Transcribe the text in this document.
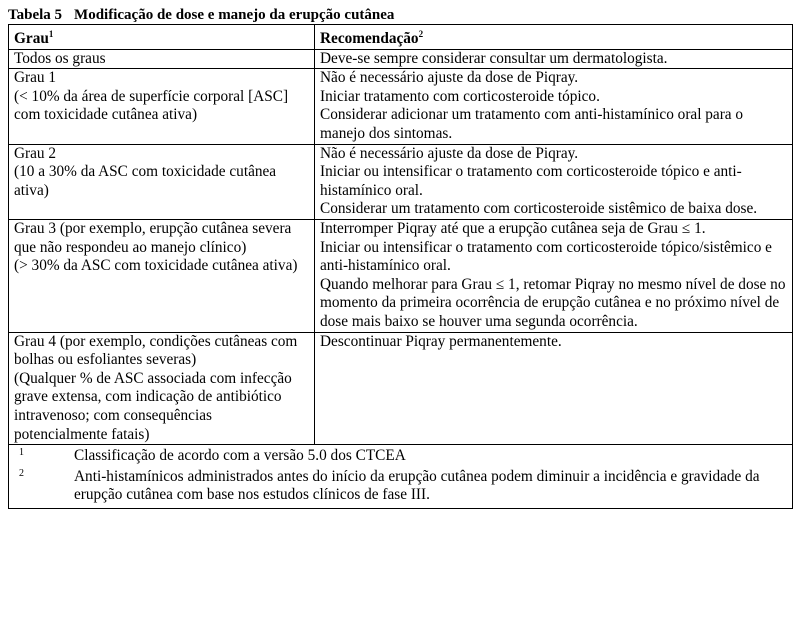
Tabela 5 Modificação de dose e manejo da erupção cutânea
Grau$^1$	Recomendação$^2$

Todos os graus	Deve-se sempre considerar consultar um dermatologista.

Grau 1
(< 10% da área de superfície corporal [ASC] com toxicidade cutânea ativa)	Não é necessário ajuste da dose de Piqray.
Iniciar tratamento com corticosteroide tópico.
Considerar adicionar um tratamento com anti-histamínico oral para o manejo dos sintomas.

Grau 2
(10 a 30% da ASC com toxicidade cutânea ativa)	Não é necessário ajuste da dose de Piqray.
Iniciar ou intensificar o tratamento com corticosteroide tópico e anti-histamínico oral.
Considerar um tratamento com corticosteroide sistêmico de baixa dose.

Grau 3 (por exemplo, erupção cutânea severa que não respondeu ao manejo clínico)
(> 30% da ASC com toxicidade cutânea ativa)	Interromper Piqray até que a erupção cutânea seja de Grau ≤ 1.
Iniciar ou intensificar o tratamento com corticosteroide tópico/sistêmico e anti-histamínico oral.
Quando melhorar para Grau ≤ 1, retomar Piqray no mesmo nível de dose no momento da primeira ocorrência de erupção cutânea e no próximo nível de dose mais baixo se houver uma segunda ocorrência.

Grau 4 (por exemplo, condições cutâneas com bolhas ou esfoliantes severas)
(Qualquer % de ASC associada com infecção grave extensa, com indicação de antibiótico intravenoso; com consequências potencialmente fatais)	Descontinuar Piqray permanentemente.

1 Classificação de acordo com a versão 5.0 dos CTCEA
2 Anti-histamínicos administrados antes do início da erupção cutânea podem diminuir a incidência e gravidade da erupção cutânea com base nos estudos clínicos de fase III.	
